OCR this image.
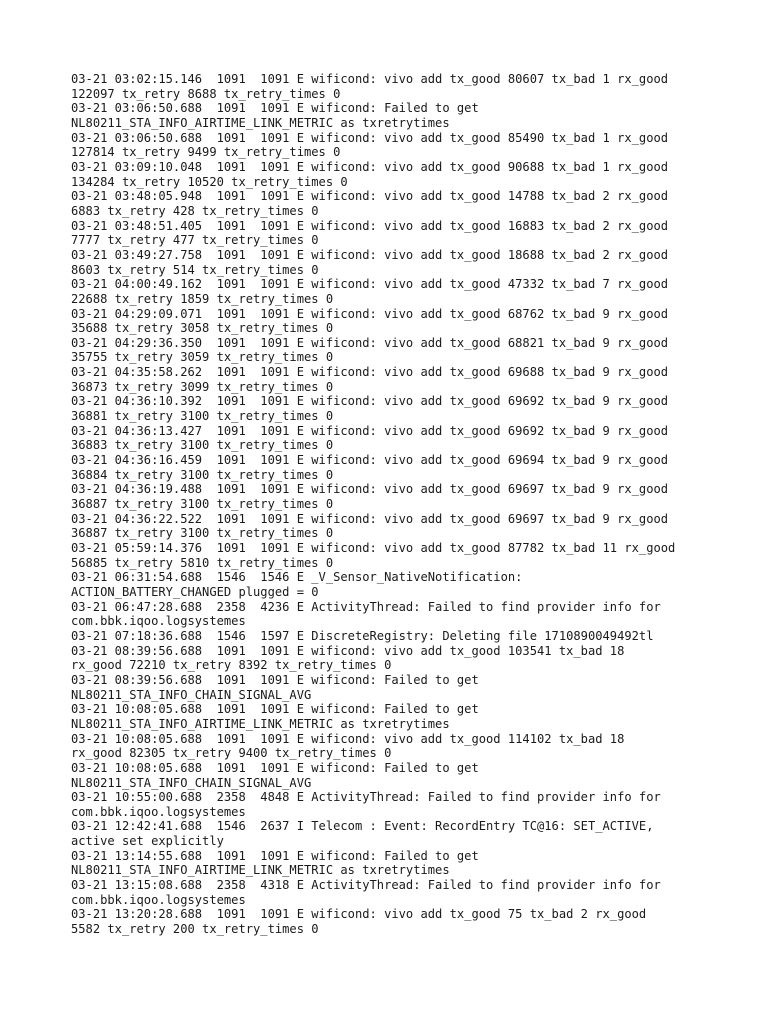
03-21 03:02:15.146  1091  1091 E wificond: vivo add tx_good 80607 tx_bad 1 rx_good
122097 tx_retry 8688 tx_retry_times 0
03-21 03:06:50.688  1091  1091 E wificond: Failed to get
NL80211_STA_INFO_AIRTIME_LINK_METRIC as txretrytimes
03-21 03:06:50.688  1091  1091 E wificond: vivo add tx_good 85490 tx_bad 1 rx_good
127814 tx_retry 9499 tx_retry_times 0
03-21 03:09:10.048  1091  1091 E wificond: vivo add tx_good 90688 tx_bad 1 rx_good
134284 tx_retry 10520 tx_retry_times 0
03-21 03:48:05.948  1091  1091 E wificond: vivo add tx_good 14788 tx_bad 2 rx_good
6883 tx_retry 428 tx_retry_times 0
03-21 03:48:51.405  1091  1091 E wificond: vivo add tx_good 16883 tx_bad 2 rx_good
7777 tx_retry 477 tx_retry_times 0
03-21 03:49:27.758  1091  1091 E wificond: vivo add tx_good 18688 tx_bad 2 rx_good
8603 tx_retry 514 tx_retry_times 0
03-21 04:00:49.162  1091  1091 E wificond: vivo add tx_good 47332 tx_bad 7 rx_good
22688 tx_retry 1859 tx_retry_times 0
03-21 04:29:09.071  1091  1091 E wificond: vivo add tx_good 68762 tx_bad 9 rx_good
35688 tx_retry 3058 tx_retry_times 0
03-21 04:29:36.350  1091  1091 E wificond: vivo add tx_good 68821 tx_bad 9 rx_good
35755 tx_retry 3059 tx_retry_times 0
03-21 04:35:58.262  1091  1091 E wificond: vivo add tx_good 69688 tx_bad 9 rx_good
36873 tx_retry 3099 tx_retry_times 0
03-21 04:36:10.392  1091  1091 E wificond: vivo add tx_good 69692 tx_bad 9 rx_good
36881 tx_retry 3100 tx_retry_times 0
03-21 04:36:13.427  1091  1091 E wificond: vivo add tx_good 69692 tx_bad 9 rx_good
36883 tx_retry 3100 tx_retry_times 0
03-21 04:36:16.459  1091  1091 E wificond: vivo add tx_good 69694 tx_bad 9 rx_good
36884 tx_retry 3100 tx_retry_times 0
03-21 04:36:19.488  1091  1091 E wificond: vivo add tx_good 69697 tx_bad 9 rx_good
36887 tx_retry 3100 tx_retry_times 0
03-21 04:36:22.522  1091  1091 E wificond: vivo add tx_good 69697 tx_bad 9 rx_good
36887 tx_retry 3100 tx_retry_times 0
03-21 05:59:14.376  1091  1091 E wificond: vivo add tx_good 87782 tx_bad 11 rx_good
56885 tx_retry 5810 tx_retry_times 0
03-21 06:31:54.688  1546  1546 E _V_Sensor_NativeNotification:
ACTION_BATTERY_CHANGED plugged = 0
03-21 06:47:28.688  2358  4236 E ActivityThread: Failed to find provider info for
com.bbk.iqoo.logsystemes
03-21 07:18:36.688  1546  1597 E DiscreteRegistry: Deleting file 1710890049492tl
03-21 08:39:56.688  1091  1091 E wificond: vivo add tx_good 103541 tx_bad 18
rx_good 72210 tx_retry 8392 tx_retry_times 0
03-21 08:39:56.688  1091  1091 E wificond: Failed to get
NL80211_STA_INFO_CHAIN_SIGNAL_AVG
03-21 10:08:05.688  1091  1091 E wificond: Failed to get
NL80211_STA_INFO_AIRTIME_LINK_METRIC as txretrytimes
03-21 10:08:05.688  1091  1091 E wificond: vivo add tx_good 114102 tx_bad 18
rx_good 82305 tx_retry 9400 tx_retry_times 0
03-21 10:08:05.688  1091  1091 E wificond: Failed to get
NL80211_STA_INFO_CHAIN_SIGNAL_AVG
03-21 10:55:00.688  2358  4848 E ActivityThread: Failed to find provider info for
com.bbk.iqoo.logsystemes
03-21 12:42:41.688  1546  2637 I Telecom : Event: RecordEntry TC@16: SET_ACTIVE,
active set explicitly
03-21 13:14:55.688  1091  1091 E wificond: Failed to get
NL80211_STA_INFO_AIRTIME_LINK_METRIC as txretrytimes
03-21 13:15:08.688  2358  4318 E ActivityThread: Failed to find provider info for
com.bbk.iqoo.logsystemes
03-21 13:20:28.688  1091  1091 E wificond: vivo add tx_good 75 tx_bad 2 rx_good
5582 tx_retry 200 tx_retry_times 0
